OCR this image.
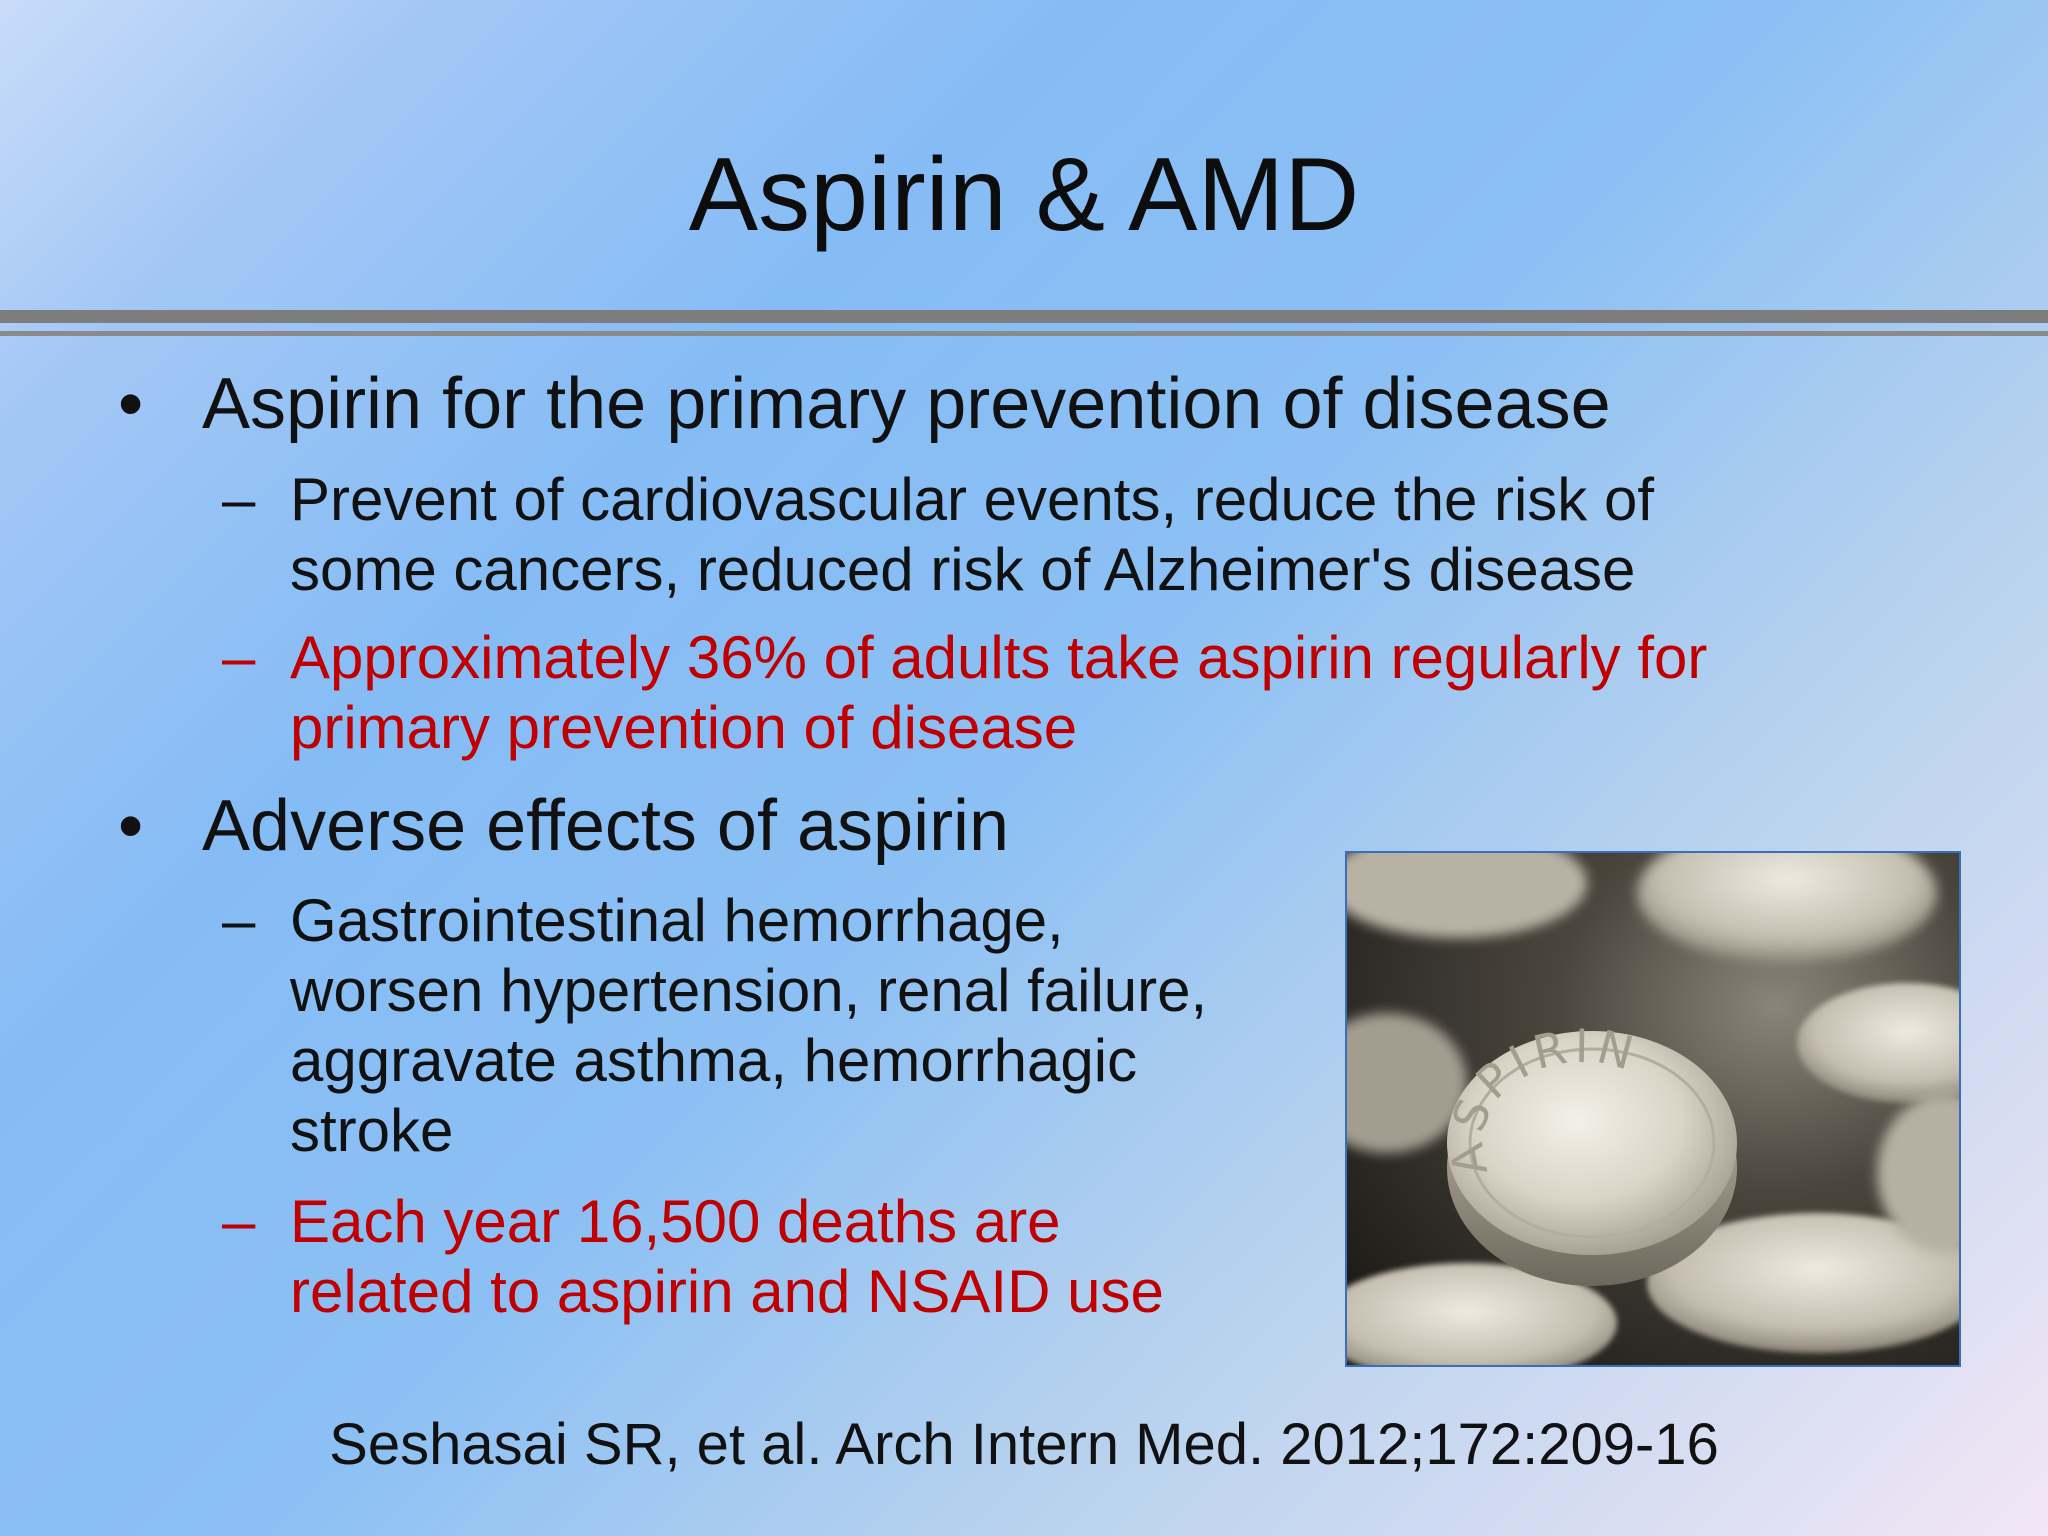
Aspirin & AMD
• Aspirin for the primary prevention of disease
– Prevent of cardiovascular events, reduce the risk of
some cancers, reduced risk of Alzheimer's disease
– Approximately 36% of adults take aspirin regularly for
primary prevention of disease
• Adverse effects of aspirin
– Gastrointestinal hemorrhage,
worsen hypertension, renal failure,
aggravate asthma, hemorrhagic
stroke
– Each year 16,500 deaths are
related to aspirin and NSAID use
ASPIRIN
Seshasai SR, et al. Arch Intern Med. 2012;172:209-16
